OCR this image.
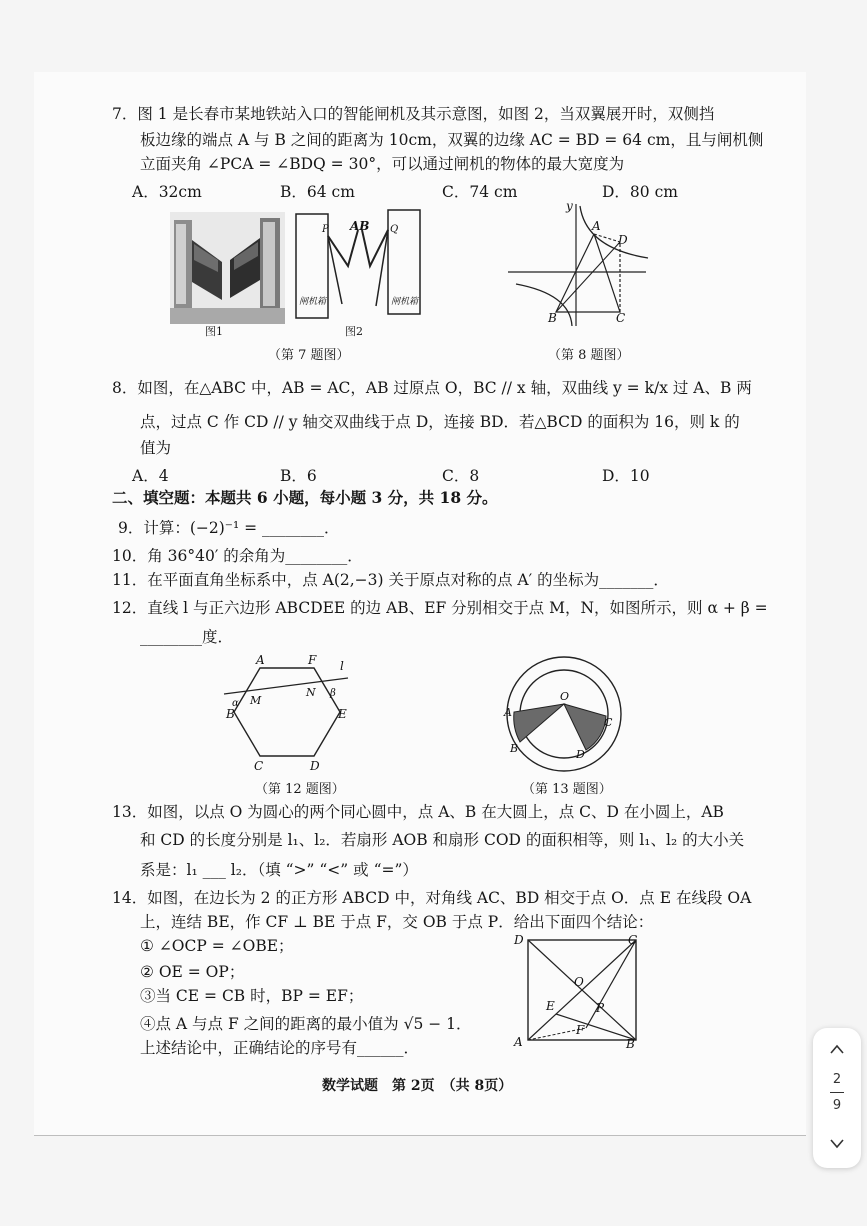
7．图 1 是长春市某地铁站入口的智能闸机及其示意图，如图 2，当双翼展开时，双侧挡
板边缘的端点 A 与 B 之间的距离为 10cm，双翼的边缘 AC = BD = 64 cm，且与闸机侧
立面夹角 ∠PCA = ∠BDQ = 30°，可以通过闸机的物体的最大宽度为
A．32cm	B．64 cm	C．74 cm	D．80 cm
图1
P AB Q
闸机箱	闸机箱
图2
（第 7 题图）
y
A
D
B	C
（第 8 题图）
8．如图，在△ABC 中，AB = AC，AB 过原点 O，BC // x 轴，双曲线 y = k/x 过 A、B 两
点，过点 C 作 CD // y 轴交双曲线于点 D，连接 BD．若△BCD 的面积为 16，则 k 的
值为
A．4	B．6	C．8	D．10
二、填空题：本题共 6 小题，每小题 3 分，共 18 分。
9．计算：(−2)⁻¹ = ________．
10．角 36°40′ 的余角为________．
11．在平面直角坐标系中，点 A(2,−3) 关于原点对称的点 A′ 的坐标为_______．
12．直线 l 与正六边形 ABCDEE 的边 AB、EF 分别相交于点 M，N，如图所示，则 α + β =
________度．
A	F l
B	E
C	D
M
N
α
β
（第 12 题图）
O
A
B
C
D
（第 13 题图）
13．如图，以点 O 为圆心的两个同心圆中，点 A、B 在大圆上，点 C、D 在小圆上，AB
和 CD 的长度分别是 l₁、l₂．若扇形 AOB 和扇形 COD 的面积相等，则 l₁、l₂ 的大小关
系是：l₁ ___ l₂．（填 “>” “<” 或 “=”）
14．如图，在边长为 2 的正方形 ABCD 中，对角线 AC、BD 相交于点 O．点 E 在线段 OA
上，连结 BE，作 CF ⊥ BE 于点 F，交 OB 于点 P．给出下面四个结论：
① ∠OCP = ∠OBE；
② OE = OP；
③当 CE = CB 时，BP = EF；
④点 A 与点 F 之间的距离的最小值为 √5 − 1．
上述结论中，正确结论的序号有______．
D	C
A	B
O
E	P
F
数学试题　第 2页　（共 8页）	2
9
